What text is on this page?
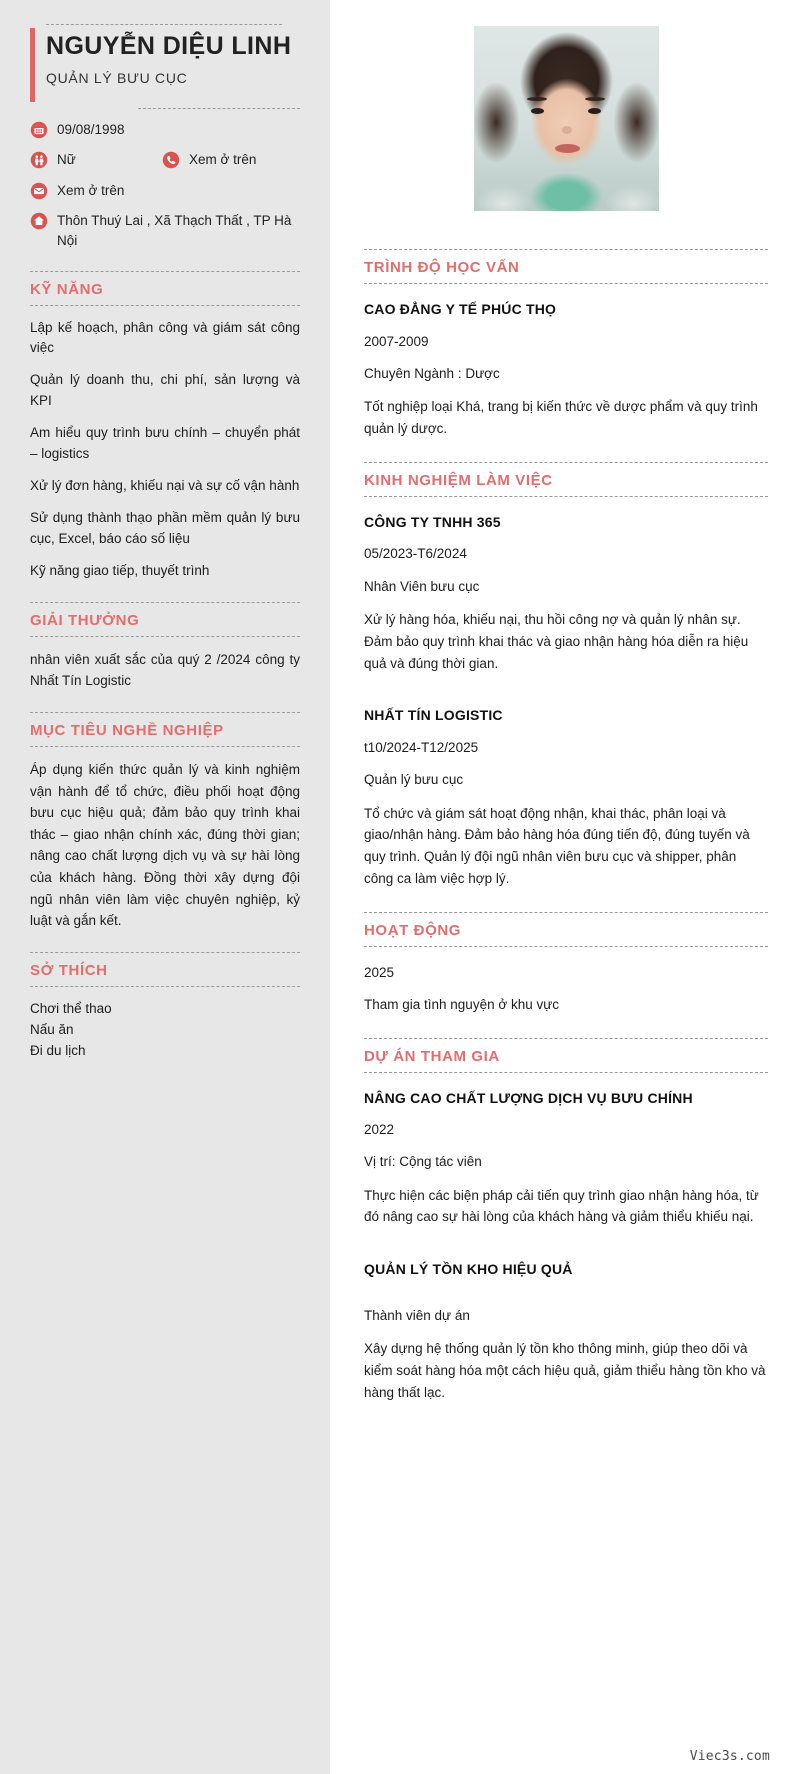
NGUYỄN DIỆU LINH
QUẢN LÝ BƯU CỤC
09/08/1998
Nữ	Xem ở trên
Xem ở trên
Thôn Thuý Lai , Xã Thạch Thất , TP Hà Nội
KỸ NĂNG
Lập kế hoạch, phân công và giám sát công việc
Quản lý doanh thu, chi phí, sản lượng và KPI
Am hiểu quy trình bưu chính – chuyển phát – logistics
Xử lý đơn hàng, khiếu nại và sự cố vận hành
Sử dụng thành thạo phần mềm quản lý bưu cục, Excel, báo cáo số liệu
Kỹ năng giao tiếp, thuyết trình
GIẢI THƯỞNG

nhân viên xuất sắc của quý 2 /2024 công ty Nhất Tín Logistic

MỤC TIÊU NGHỀ NGHIỆP

Áp dụng kiến thức quản lý và kinh nghiệm vận hành để tổ chức, điều phối hoạt động bưu cục hiệu quả; đảm bảo quy trình khai thác – giao nhận chính xác, đúng thời gian; nâng cao chất lượng dịch vụ và sự hài lòng của khách hàng. Đồng thời xây dựng đội ngũ nhân viên làm việc chuyên nghiệp, kỷ luật và gắn kết.

SỞ THÍCH
Chơi thể thao
Nấu ăn
Đi du lịch
TRÌNH ĐỘ HỌC VẤN
CAO ĐẲNG Y TẾ PHÚC THỌ
2007-2009
Chuyên Ngành : Dược
Tốt nghiệp loại Khá, trang bị kiến thức về dược phẩm và quy trình quản lý dược.
KINH NGHIỆM LÀM VIỆC
CÔNG TY TNHH 365
05/2023-T6/2024
Nhân Viên bưu cục
Xử lý hàng hóa, khiếu nại, thu hồi công nợ và quản lý nhân sự. Đảm bảo quy trình khai thác và giao nhận hàng hóa diễn ra hiệu quả và đúng thời gian.
NHẤT TÍN LOGISTIC
t10/2024-T12/2025
Quản lý bưu cục
Tổ chức và giám sát hoạt động nhận, khai thác, phân loại và giao/nhận hàng. Đảm bảo hàng hóa đúng tiến độ, đúng tuyến và quy trình. Quản lý đội ngũ nhân viên bưu cục và shipper, phân công ca làm việc hợp lý.
HOẠT ĐỘNG
2025
Tham gia tình nguyện ở khu vực
DỰ ÁN THAM GIA
NÂNG CAO CHẤT LƯỢNG DỊCH VỤ BƯU CHÍNH
2022
Vị trí: Cộng tác viên
Thực hiện các biện pháp cải tiến quy trình giao nhận hàng hóa, từ đó nâng cao sự hài lòng của khách hàng và giảm thiểu khiếu nại.
QUẢN LÝ TỒN KHO HIỆU QUẢ
Thành viên dự án
Xây dựng hệ thống quản lý tồn kho thông minh, giúp theo dõi và kiểm soát hàng hóa một cách hiệu quả, giảm thiểu hàng tồn kho và hàng thất lạc.
Viec3s.com
